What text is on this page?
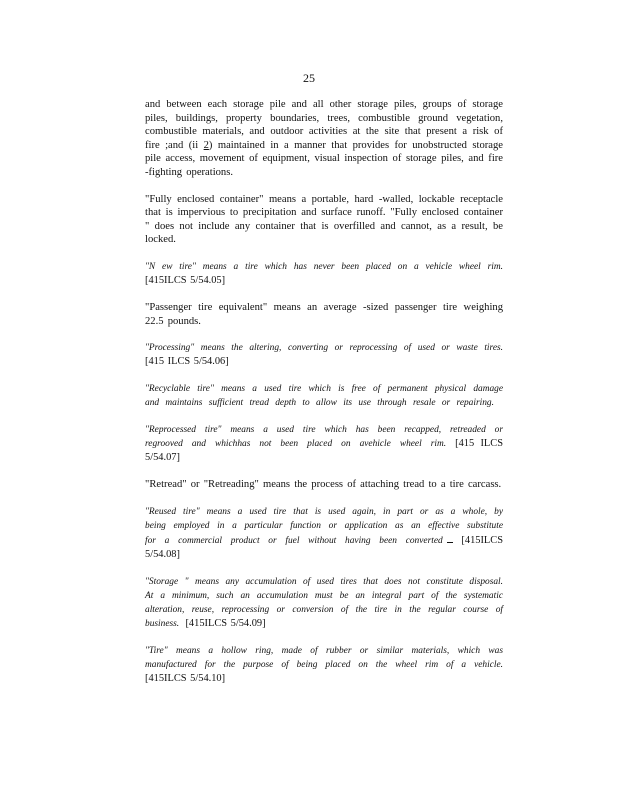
25

and between each storage pile and all other storage piles, groups of storage piles, buildings, property boundaries, trees, combustible ground vegetation, combustible materials, and outdoor activities at the site that present a risk of fire ;and (ii 2) maintained in a manner that provides for unobstructed storage pile access, movement of equipment, visual inspection of storage piles, and fire -fighting operations.

"Fully enclosed container" means a portable, hard -walled, lockable receptacle that is impervious to precipitation and surface runoff. "Fully enclosed container " does not include any container that is overfilled and cannot, as a result, be locked.

"N ew tire" means a tire which has never been placed on a vehicle wheel rim. [415ILCS 5/54.05]

"Passenger tire equivalent" means an average -sized passenger tire weighing 22.5 pounds.

"Processing" means the altering, converting or reprocessing of used or waste tires. [415 ILCS 5/54.06]

"Recyclable tire" means a used tire which is free of permanent physical damage and maintains sufficient tread depth to allow its use through resale or repairing.

"Reprocessed tire" means a used tire which has been recapped, retreaded or regrooved and whichhas not been placed on avehicle wheel rim. [415 ILCS 5/54.07]

"Retread" or "Retreading" means the process of attaching tread to a tire carcass.

"Reused tire" means a used tire that is used again, in part or as a whole, by being employed in a particular function or application as an effective substitute for a commercial product or fuel without having been converted [415ILCS 5/54.08]

"Storage " means any accumulation of used tires that does not constitute disposal. At a minimum, such an accumulation must be an integral part of the systematic alteration, reuse, reprocessing or conversion of the tire in the regular course of business. [415ILCS 5/54.09]

"Tire" means a hollow ring, made of rubber or similar materials, which was manufactured for the purpose of being placed on the wheel rim of a vehicle. [415ILCS 5/54.10]
